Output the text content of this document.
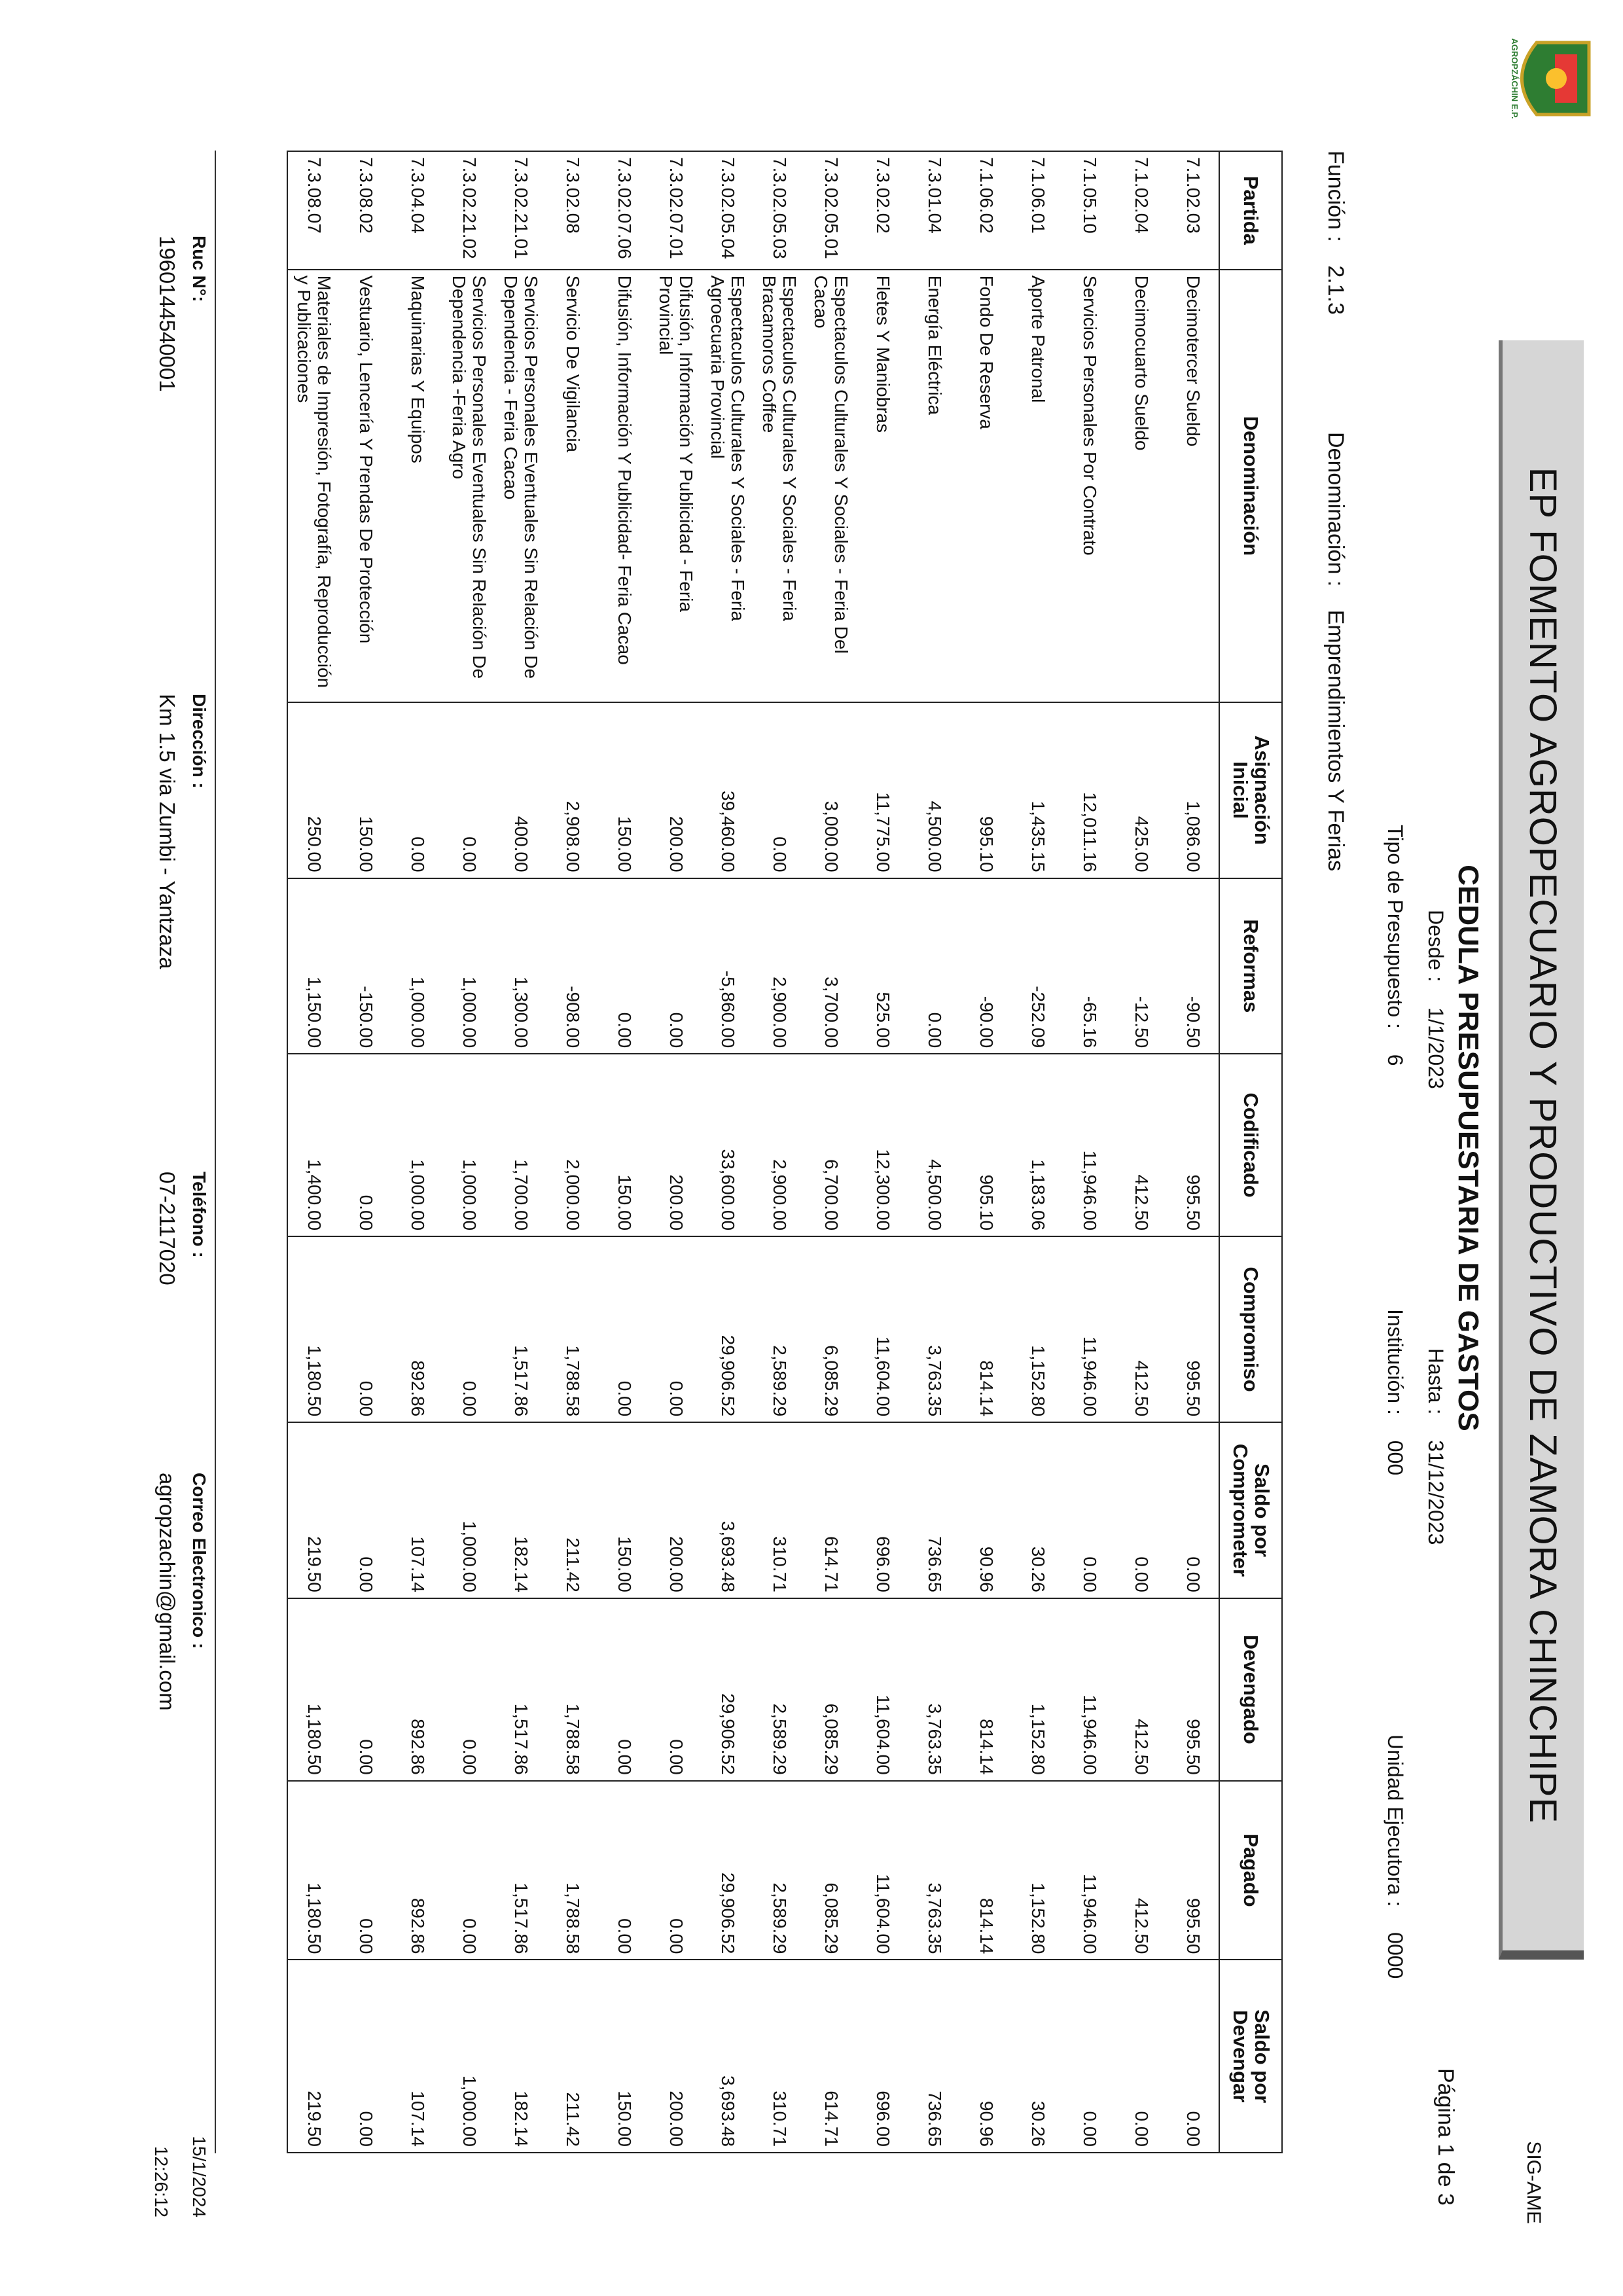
AGROPZÁCHIN E.P.
EP FOMENTO AGROPECUARIO Y PRODUCTIVO DE ZAMORA CHINCHIPE
SIG-AME
CEDULA PRESUPUESTARIA DE GASTOS
Página 1 de 3
Desde : 1/1/2023
Hasta : 31/12/2023
Tipo de Presupuesto : 6
Institución : 000
Unidad Ejecutora : 0000
Función : 2.1.3
Denominación : Emprendimientos Y Ferias
Partida	Denominación	Asignación Inicial	Reformas	Codificado	Compromiso	Saldo por Comprometer	Devengado	Pagado	Saldo por Devengar
7.1.02.03	Decimotercer Sueldo	1,086.00	-90.50	995.50	995.50	0.00	995.50	995.50	0.00
7.1.02.04	Decimocuarto Sueldo	425.00	-12.50	412.50	412.50	0.00	412.50	412.50	0.00
7.1.05.10	Servicios Personales Por Contrato	12,011.16	-65.16	11,946.00	11,946.00	0.00	11,946.00	11,946.00	0.00
7.1.06.01	Aporte Patronal	1,435.15	-252.09	1,183.06	1,152.80	30.26	1,152.80	1,152.80	30.26
7.1.06.02	Fondo De Reserva	995.10	-90.00	905.10	814.14	90.96	814.14	814.14	90.96
7.3.01.04	Energía Eléctrica	4,500.00	0.00	4,500.00	3,763.35	736.65	3,763.35	3,763.35	736.65
7.3.02.02	Fletes Y Maniobras	11,775.00	525.00	12,300.00	11,604.00	696.00	11,604.00	11,604.00	696.00
7.3.02.05.01	Espectaculos Culturales Y Sociales - Feria Del Cacao	3,000.00	3,700.00	6,700.00	6,085.29	614.71	6,085.29	6,085.29	614.71
7.3.02.05.03	Espectaculos Culturales Y Sociales - Feria Bracamoros Coffee	0.00	2,900.00	2,900.00	2,589.29	310.71	2,589.29	2,589.29	310.71
7.3.02.05.04	Espectaculos Culturales Y Sociales - Feria Agroecuaria Provincial	39,460.00	-5,860.00	33,600.00	29,906.52	3,693.48	29,906.52	29,906.52	3,693.48
7.3.02.07.01	Difusión, Información Y Publicidad - Feria Provincial	200.00	0.00	200.00	0.00	200.00	0.00	0.00	200.00
7.3.02.07.06	Difusión, Información Y Publicidad- Feria Cacao	150.00	0.00	150.00	0.00	150.00	0.00	0.00	150.00
7.3.02.08	Servicio De Vigilancia	2,908.00	-908.00	2,000.00	1,788.58	211.42	1,788.58	1,788.58	211.42
7.3.02.21.01	Servicios Personales Eventuales Sin Relación De Dependencia - Feria Cacao	400.00	1,300.00	1,700.00	1,517.86	182.14	1,517.86	1,517.86	182.14
7.3.02.21.02	Servicios Personales Eventuales Sin Relación De Dependencia -Feria Agro	0.00	1,000.00	1,000.00	0.00	1,000.00	0.00	0.00	1,000.00
7.3.04.04	Maquinarias Y Equipos	0.00	1,000.00	1,000.00	892.86	107.14	892.86	892.86	107.14
7.3.08.02	Vestuario, Lencería Y Prendas De Protección	150.00	-150.00	0.00	0.00	0.00	0.00	0.00	0.00
7.3.08.07	Materiales de Impresión, Fotografía, Reproducción y Publicaciones	250.00	1,150.00	1,400.00	1,180.50	219.50	1,180.50	1,180.50	219.50
Ruc N°:
1960144540001
Dirección :
Km 1.5 via Zumbi - Yantzaza
Teléfono :
07-2117020
Correo Electronico :
agropzachin@gmail.com
15/1/2024
12:26:12
